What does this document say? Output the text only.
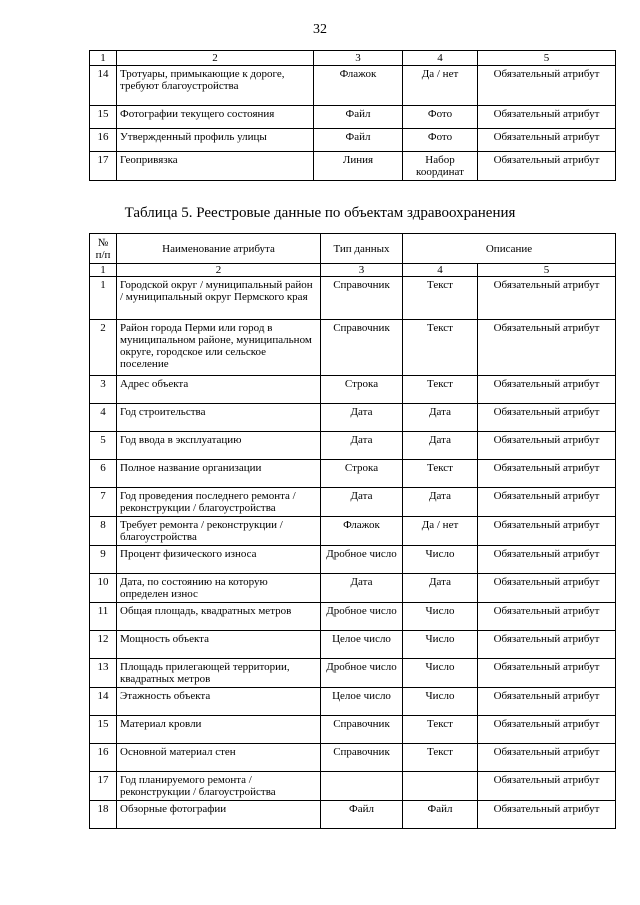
32
1	2	3	4	5
14	Тротуары, примыкающие к дороге, требуют благоустройства	Флажок	Да / нет	Обязательный атрибут
15	Фотографии текущего состояния	Файл	Фото	Обязательный атрибут
16	Утвержденный профиль улицы	Файл	Фото	Обязательный атрибут
17	Геопривязка	Линия	Набор координат	Обязательный атрибут
Таблица 5. Реестровые данные по объектам здравоохранения
№ п/п	Наименование атрибута	Тип данных	Описание	
1	2	3	4	5
1	Городской округ / муниципальный район / муниципальный округ Пермского края	Справочник	Текст	Обязательный атрибут
2	Район города Перми или город в муниципальном районе, муниципальном округе, городское или сельское поселение	Справочник	Текст	Обязательный атрибут
3	Адрес объекта	Строка	Текст	Обязательный атрибут
4	Год строительства	Дата	Дата	Обязательный атрибут
5	Год ввода в эксплуатацию	Дата	Дата	Обязательный атрибут
6	Полное название организации	Строка	Текст	Обязательный атрибут
7	Год проведения последнего ремонта / реконструкции / благоустройства	Дата	Дата	Обязательный атрибут
8	Требует ремонта / реконструкции / благоустройства	Флажок	Да / нет	Обязательный атрибут
9	Процент физического износа	Дробное число	Число	Обязательный атрибут
10	Дата, по состоянию на которую определен износ	Дата	Дата	Обязательный атрибут
11	Общая площадь, квадратных метров	Дробное число	Число	Обязательный атрибут
12	Мощность объекта	Целое число	Число	Обязательный атрибут
13	Площадь прилегающей территории, квадратных метров	Дробное число	Число	Обязательный атрибут
14	Этажность объекта	Целое число	Число	Обязательный атрибут
15	Материал кровли	Справочник	Текст	Обязательный атрибут
16	Основной материал стен	Справочник	Текст	Обязательный атрибут
17	Год планируемого ремонта / реконструкции / благоустройства			Обязательный атрибут
18	Обзорные фотографии	Файл	Файл	Обязательный атрибут
